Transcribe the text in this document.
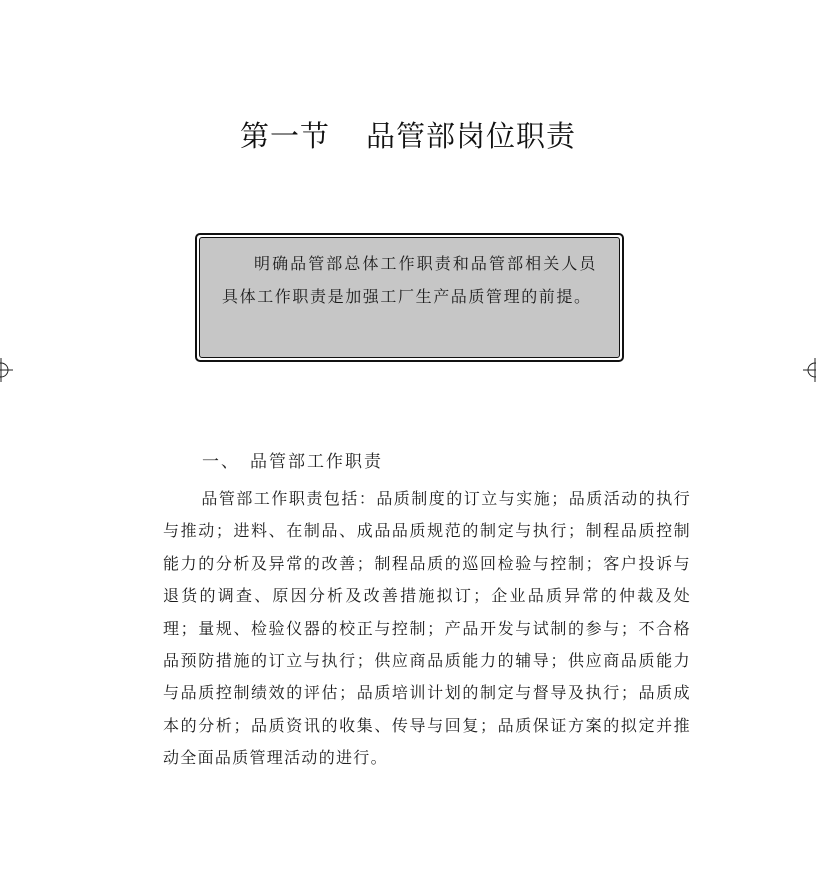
第一节 品管部岗位职责
明确品管部总体工作职责和品管部相关人员具体工作职责是加强工厂生产品质管理的前提。
一、 品管部工作职责

品管部工作职责包括：品质制度的订立与实施；品质活动的执行与推动；进料、在制品、成品品质规范的制定与执行；制程品质控制能力的分析及异常的改善；制程品质的巡回检验与控制；客户投诉与退货的调查、原因分析及改善措施拟订；企业品质异常的仲裁及处理；量规、检验仪器的校正与控制；产品开发与试制的参与；不合格品预防措施的订立与执行；供应商品质能力的辅导；供应商品质能力与品质控制绩效的评估；品质培训计划的制定与督导及执行；品质成本的分析；品质资讯的收集、传导与回复；品质保证方案的拟定并推动全面品质管理活动的进行。
